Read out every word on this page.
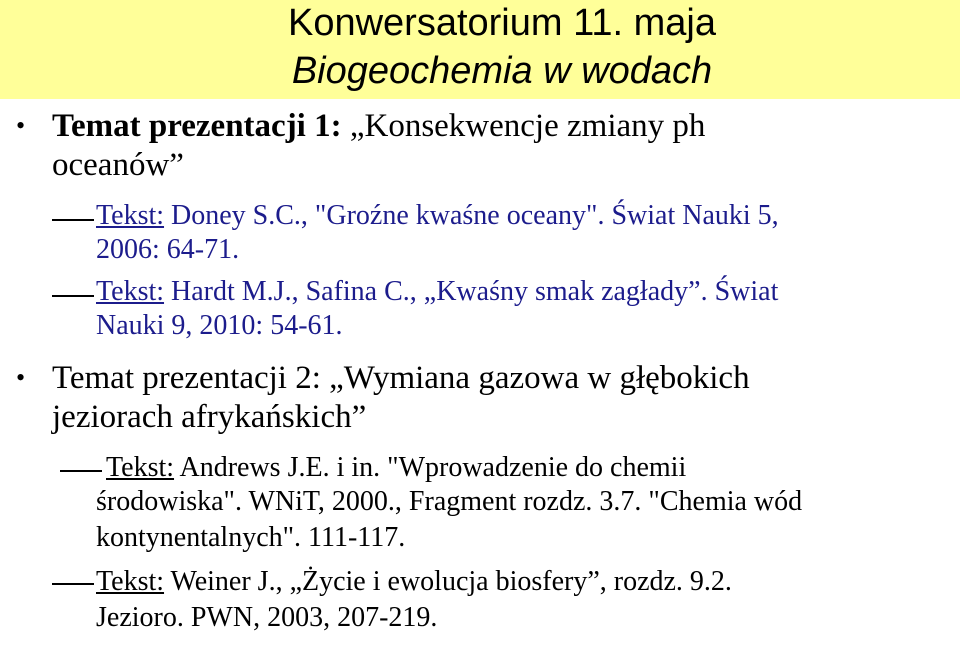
Konwersatorium 11. maja
Biogeochemia w wodach
• Temat prezentacji 1: „Konsekwencje zmiany ph
oceanów”
Tekst: Doney S.C., "Groźne kwaśne oceany". Świat Nauki 5,
2006: 64-71.
Tekst: Hardt M.J., Safina C., „Kwaśny smak zagłady”. Świat
Nauki 9, 2010: 54-61.
• Temat prezentacji 2: „Wymiana gazowa w głębokich
jeziorach afrykańskich”
Tekst: Andrews J.E. i in. "Wprowadzenie do chemii
środowiska". WNiT, 2000., Fragment rozdz. 3.7. "Chemia wód
kontynentalnych". 111-117.
Tekst: Weiner J., „Życie i ewolucja biosfery”, rozdz. 9.2.
Jezioro. PWN, 2003, 207-219.
